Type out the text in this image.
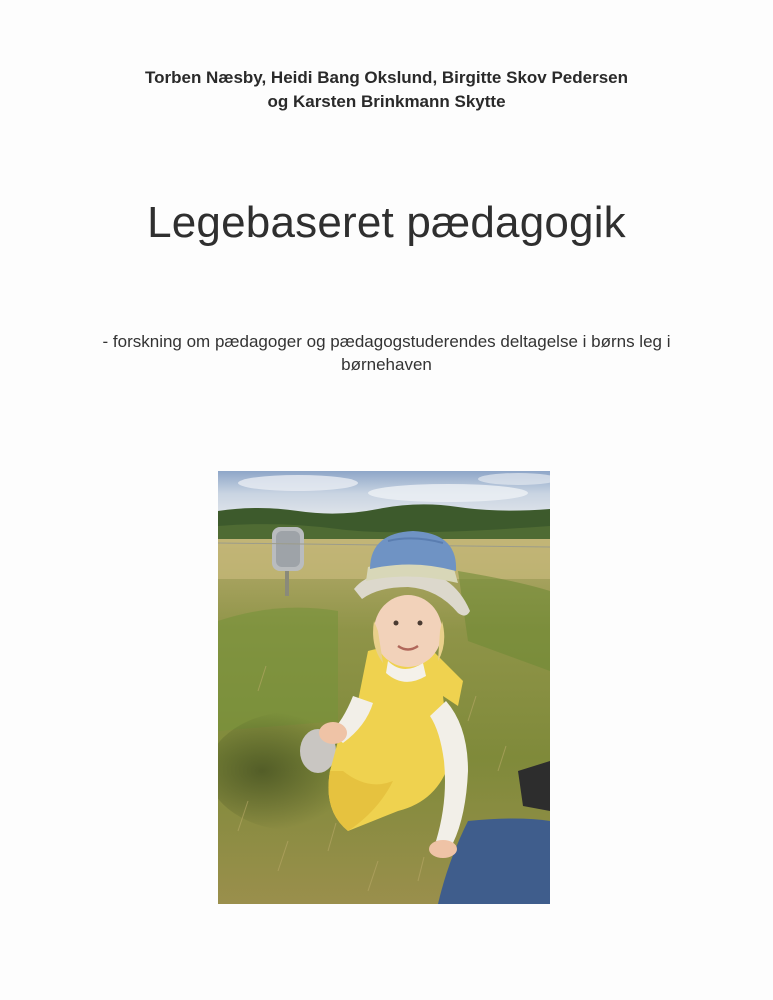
Torben Næsby, Heidi Bang Okslund, Birgitte Skov Pedersen
og Karsten Brinkmann Skytte
Legebaseret pædagogik
- forskning om pædagoger og pædagogstuderendes deltagelse i børns leg i børnehaven
